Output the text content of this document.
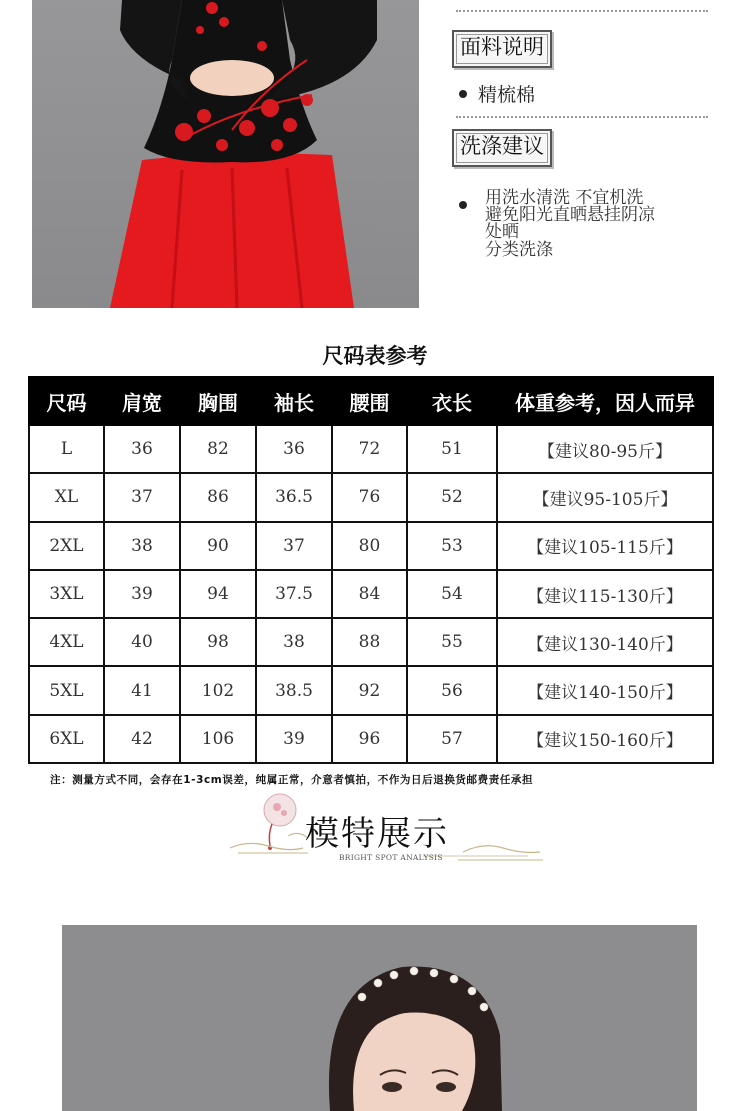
面料说明
精梳棉
洗涤建议
用洗水清洗 不宜机洗
避免阳光直晒悬挂阴凉
处晒
分类洗涤
尺码表参考
尺码	肩宽	胸围	袖长	腰围	衣长	体重参考，因人而异
L	36	82	36	72	51	【建议80-95斤】
XL	37	86	36.5	76	52	【建议95-105斤】
2XL	38	90	37	80	53	【建议105-115斤】
3XL	39	94	37.5	84	54	【建议115-130斤】
4XL	40	98	38	88	55	【建议130-140斤】
5XL	41	102	38.5	92	56	【建议140-150斤】
6XL	42	106	39	96	57	【建议150-160斤】
注：测量方式不同，会存在1-3cm误差，纯属正常，介意者慎拍，不作为日后退换货邮费责任承担
模特展示
BRIGHT SPOT ANALYSIS
